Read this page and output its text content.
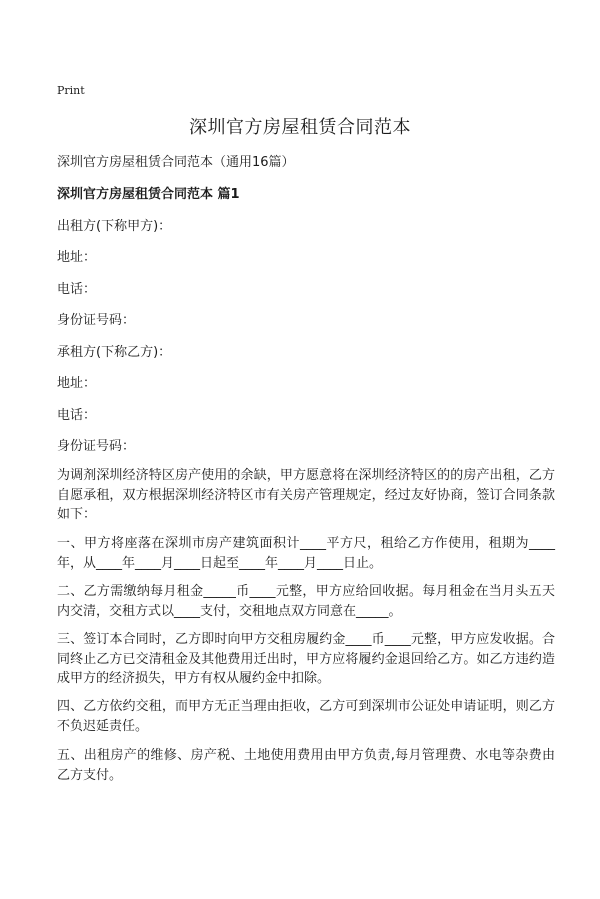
Print
深圳官方房屋租赁合同范本

深圳官方房屋租赁合同范本（通用16篇）

深圳官方房屋租赁合同范本 篇1

出租方(下称甲方)：

地址：

电话：

身份证号码：

承租方(下称乙方)：

地址：

电话：

身份证号码：

为调剂深圳经济特区房产使用的余缺，甲方愿意将在深圳经济特区的的房产出租，乙方自愿承租，双方根据深圳经济特区市有关房产管理规定，经过友好协商，签订合同条款如下：

一、甲方将座落在深圳市房产建筑面积计____平方尺，租给乙方作使用，租期为____年，从____年____月____日起至____年____月____日止。

二、乙方需缴纳每月租金_____币____元整，甲方应给回收据。每月租金在当月头五天内交清，交租方式以____支付，交租地点双方同意在_____。

三、签订本合同时，乙方即时向甲方交租房履约金____币____元整，甲方应发收据。合同终止乙方已交清租金及其他费用迁出时，甲方应将履约金退回给乙方。如乙方违约造成甲方的经济损失，甲方有权从履约金中扣除。

四、乙方依约交租，而甲方无正当理由拒收，乙方可到深圳市公证处申请证明，则乙方不负迟延责任。

五、出租房产的维修、房产税、土地使用费用由甲方负责,每月管理费、水电等杂费由乙方支付。
